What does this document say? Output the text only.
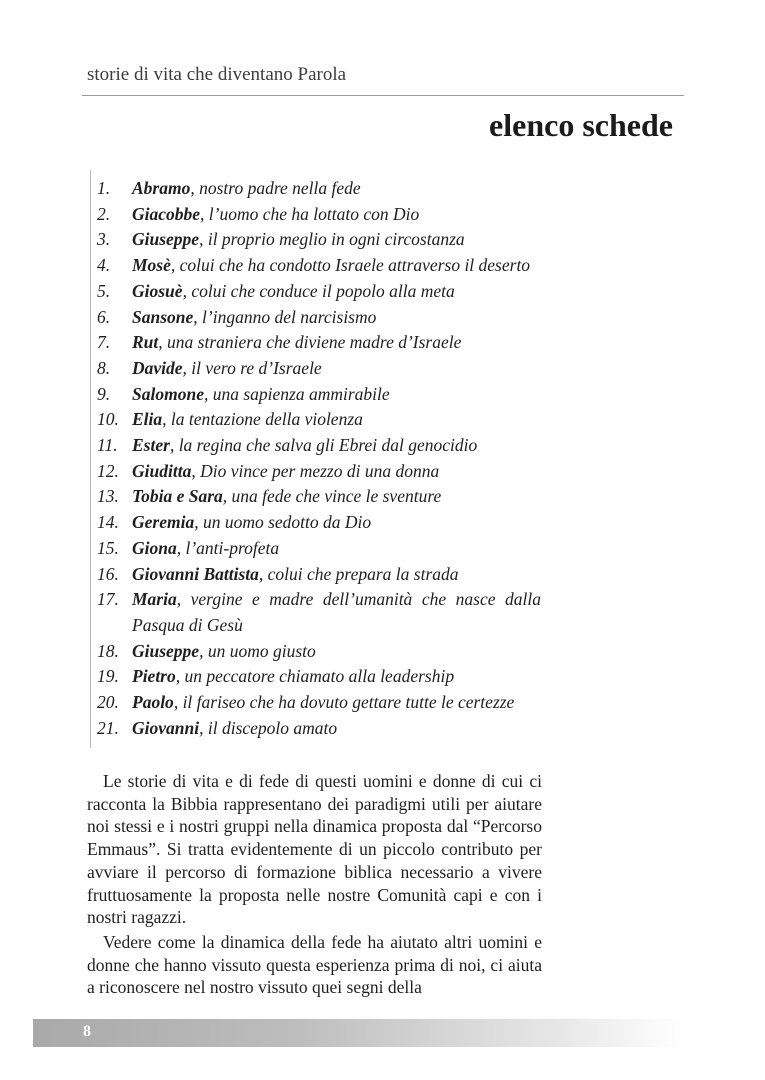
storie di vita che diventano Parola
elenco schede
1. Abramo, nostro padre nella fede
2. Giacobbe, l’uomo che ha lottato con Dio
3. Giuseppe, il proprio meglio in ogni circostanza
4. Mosè, colui che ha condotto Israele attraverso il deserto
5. Giosuè, colui che conduce il popolo alla meta
6. Sansone, l’inganno del narcisismo
7. Rut, una straniera che diviene madre d’Israele
8. Davide, il vero re d’Israele
9. Salomone, una sapienza ammirabile
10. Elia, la tentazione della violenza
11. Ester, la regina che salva gli Ebrei dal genocidio
12. Giuditta, Dio vince per mezzo di una donna
13. Tobia e Sara, una fede che vince le sventure
14. Geremia, un uomo sedotto da Dio
15. Giona, l’anti-profeta
16. Giovanni Battista, colui che prepara la strada
17. Maria, vergine e madre dell’umanità che nasce dalla Pasqua di Gesù
18. Giuseppe, un uomo giusto
19. Pietro, un peccatore chiamato alla leadership
20. Paolo, il fariseo che ha dovuto gettare tutte le certezze
21. Giovanni, il discepolo amato

Le storie di vita e di fede di questi uomini e donne di cui ci racconta la Bibbia rappresentano dei paradigmi utili per aiutare noi stessi e i nostri gruppi nella dinamica proposta dal “Percorso Emmaus”. Si tratta evidentemente di un piccolo contributo per avviare il percorso di formazione biblica necessario a vivere fruttuosamente la proposta nelle nostre Comunità capi e con i nostri ragazzi.

Vedere come la dinamica della fede ha aiutato altri uomini e donne che hanno vissuto questa esperienza prima di noi, ci aiuta a riconoscere nel nostro vissuto quei segni della

8
